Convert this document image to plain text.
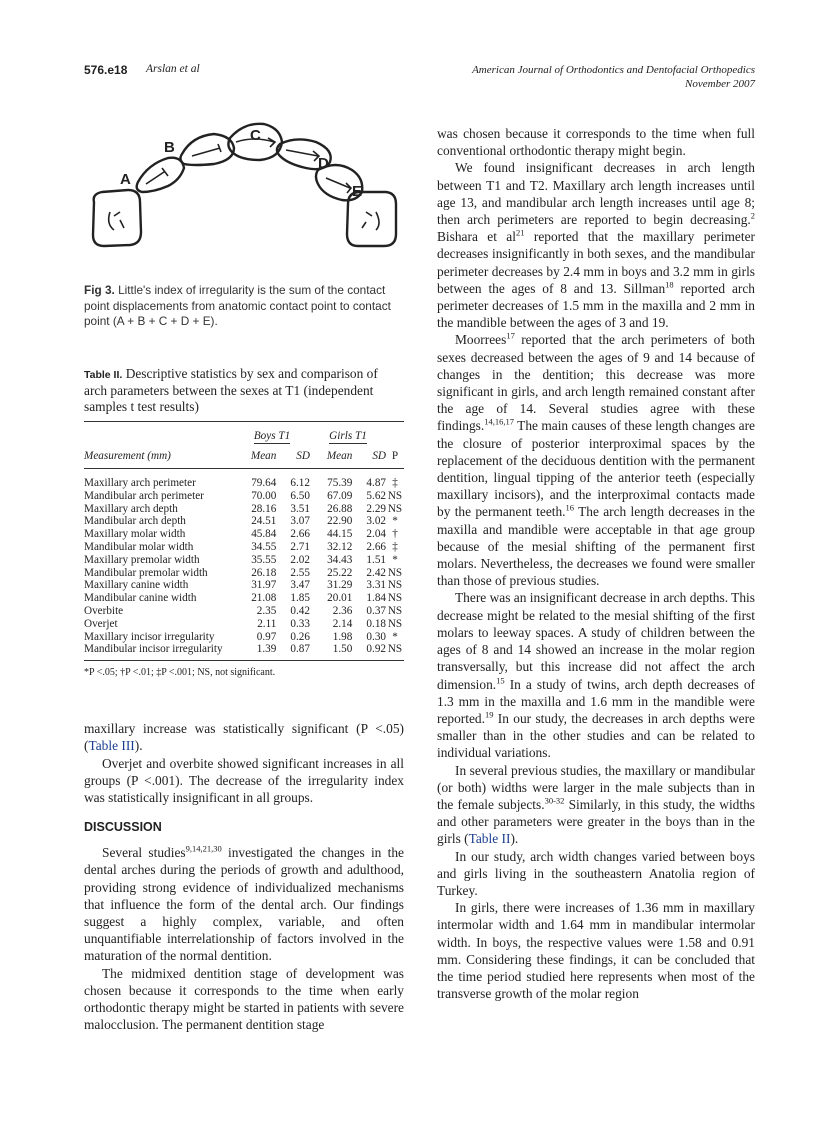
576.e18 Arslan et al	American Journal of Orthodontics and Dentofacial Orthopedics
November 2007
A
B
C
D
E
Fig 3. Little's index of irregularity is the sum of the contact point displacements from anatomic contact point to contact point (A + B + C + D + E).
Table II. Descriptive statistics by sex and comparison of arch parameters between the sexes at T1 (independent samples t test results)
	Boys T1		Girls T1		
Measurement (mm)	Mean	SD	Mean	SD	P
Maxillary arch perimeter	79.64	6.12	75.39	4.87	‡
Mandibular arch perimeter	70.00	6.50	67.09	5.62	NS
Maxillary arch depth	28.16	3.51	26.88	2.29	NS
Mandibular arch depth	24.51	3.07	22.90	3.02	*
Maxillary molar width	45.84	2.66	44.15	2.04	†
Mandibular molar width	34.55	2.71	32.12	2.66	‡
Maxillary premolar width	35.55	2.02	34.43	1.51	*
Mandibular premolar width	26.18	2.55	25.22	2.42	NS
Maxillary canine width	31.97	3.47	31.29	3.31	NS
Mandibular canine width	21.08	1.85	20.01	1.84	NS
Overbite	2.35	0.42	2.36	0.37	NS
Overjet	2.11	0.33	2.14	0.18	NS
Maxillary incisor irregularity	0.97	0.26	1.98	0.30	*
Mandibular incisor irregularity	1.39	0.87	1.50	0.92	NS
*P <.05; †P <.01; ‡P <.001; NS, not significant.

maxillary increase was statistically significant (P <.05) (Table III).

Overjet and overbite showed significant increases in all groups (P <.001). The decrease of the irregularity index was statistically insignificant in all groups.

DISCUSSION

Several studies$^{9,14,21,30}$ investigated the changes in the dental arches during the periods of growth and adulthood, providing strong evidence of individualized mechanisms that influence the form of the dental arch. Our findings suggest a highly complex, variable, and often unquantifiable interrelationship of factors involved in the maturation of the normal dentition.

The midmixed dentition stage of development was chosen because it corresponds to the time when early orthodontic therapy might be started in patients with severe malocclusion. The permanent dentition stage

was chosen because it corresponds to the time when full conventional orthodontic therapy might begin.

We found insignificant decreases in arch length between T1 and T2. Maxillary arch length increases until age 13, and mandibular arch length increases until age 8; then arch perimeters are reported to begin decreasing.$^2$ Bishara et $al^{21}$ reported that the maxillary perimeter decreases insignificantly in both sexes, and the mandibular perimeter decreases by 2.4 mm in boys and 3.2 mm in girls between the ages of 8 and 13. Sillman$^{18}$ reported arch perimeter decreases of 1.5 mm in the maxilla and 2 mm in the mandible between the ages of 3 and 19.

Moorrees$^{17}$ reported that the arch perimeters of both sexes decreased between the ages of 9 and 14 because of changes in the dentition; this decrease was more significant in girls, and arch length remained constant after the age of 14. Several studies agree with these findings.$^{14,16,17}$ The main causes of these length changes are the closure of posterior interproximal spaces by the replacement of the deciduous dentition with the permanent dentition, lingual tipping of the anterior teeth (especially maxillary incisors), and the interproximal contacts made by the permanent teeth.$^{16}$ The arch length decreases in the maxilla and mandible were acceptable in that age group because of the mesial shifting of the permanent first molars. Nevertheless, the decreases we found were smaller than those of previous studies.

There was an insignificant decrease in arch depths. This decrease might be related to the mesial shifting of the first molars to leeway spaces. A study of children between the ages of 8 and 14 showed an increase in the molar region transversally, but this increase did not affect the arch dimension.$^{15}$ In a study of twins, arch depth decreases of 1.3 mm in the maxilla and 1.6 mm in the mandible were reported.$^{19}$ In our study, the decreases in arch depths were smaller than in the other studies and can be related to individual variations.

In several previous studies, the maxillary or mandibular (or both) widths were larger in the male subjects than in the female subjects.$^{30-32}$ Similarly, in this study, the widths and other parameters were greater in the boys than in the girls (Table II).

In our study, arch width changes varied between boys and girls living in the southeastern Anatolia region of Turkey.

In girls, there were increases of 1.36 mm in maxillary intermolar width and 1.64 mm in mandibular intermolar width. In boys, the respective values were 1.58 and 0.91 mm. Considering these findings, it can be concluded that the time period studied here represents when most of the transverse growth of the molar region
